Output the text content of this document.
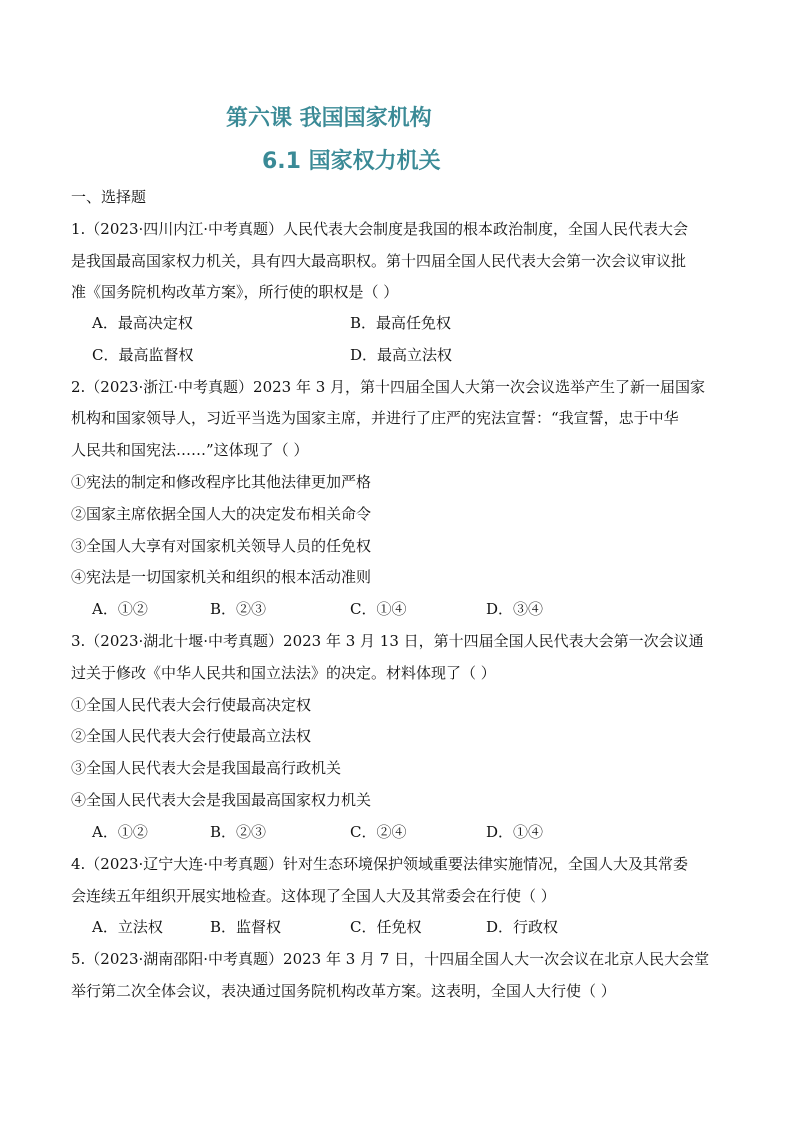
第六课 我国国家机构
6.1 国家权力机关
一、选择题
1.（2023·四川内江·中考真题）人民代表大会制度是我国的根本政治制度，全国人民代表大会
是我国最高国家权力机关，具有四大最高职权。第十四届全国人民代表大会第一次会议审议批
准《国务院机构改革方案》，所行使的职权是（ ）
A．最高决定权	B．最高任免权
C．最高监督权	D．最高立法权
2.（2023·浙江·中考真题）2023 年 3 月，第十四届全国人大第一次会议选举产生了新一届国家
机构和国家领导人，习近平当选为国家主席，并进行了庄严的宪法宣誓：“我宣誓，忠于中华
人民共和国宪法……”这体现了（ ）
①宪法的制定和修改程序比其他法律更加严格
②国家主席依据全国人大的决定发布相关命令
③全国人大享有对国家机关领导人员的任免权
④宪法是一切国家机关和组织的根本活动准则
A．①②	B．②③	C．①④	D．③④
3.（2023·湖北十堰·中考真题）2023 年 3 月 13 日，第十四届全国人民代表大会第一次会议通
过关于修改《中华人民共和国立法法》的决定。材料体现了（ ）
①全国人民代表大会行使最高决定权
②全国人民代表大会行使最高立法权
③全国人民代表大会是我国最高行政机关
④全国人民代表大会是我国最高国家权力机关
A．①②	B．②③	C．②④	D．①④
4.（2023·辽宁大连·中考真题）针对生态环境保护领域重要法律实施情况，全国人大及其常委
会连续五年组织开展实地检查。这体现了全国人大及其常委会在行使（ ）
A．立法权	B．监督权	C．任免权	D．行政权
5.（2023·湖南邵阳·中考真题）2023 年 3 月 7 日，十四届全国人大一次会议在北京人民大会堂
举行第二次全体会议，表决通过国务院机构改革方案。这表明，全国人大行使（ ）
